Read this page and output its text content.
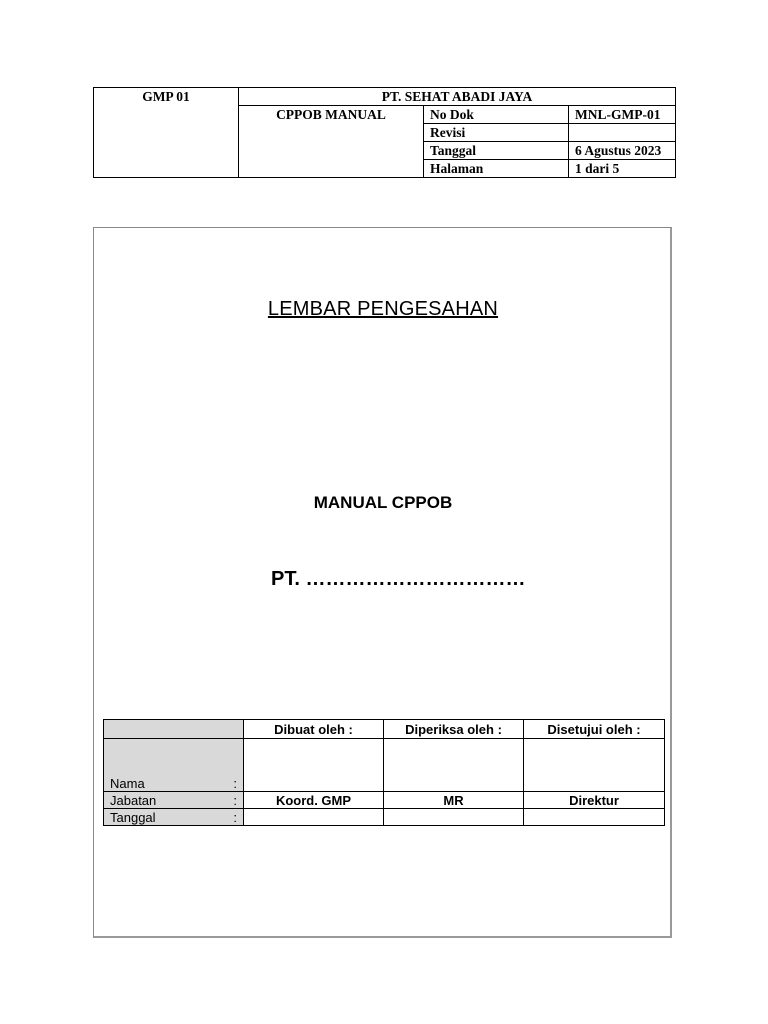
GMP 01	PT. SEHAT ABADI JAYA		
	CPPOB MANUAL	No Dok	MNL-GMP-01
		Revisi	
		Tanggal	6 Agustus 2023
		Halaman	1 dari 5
LEMBAR PENGESAHAN
MANUAL CPPOB
PT. ……………………………
	Dibuat oleh :	Diperiksa oleh :	Disetujui oleh :

Nama :			

Jabatan :	Koord. GMP	MR	Direktur

Tanggal :			
